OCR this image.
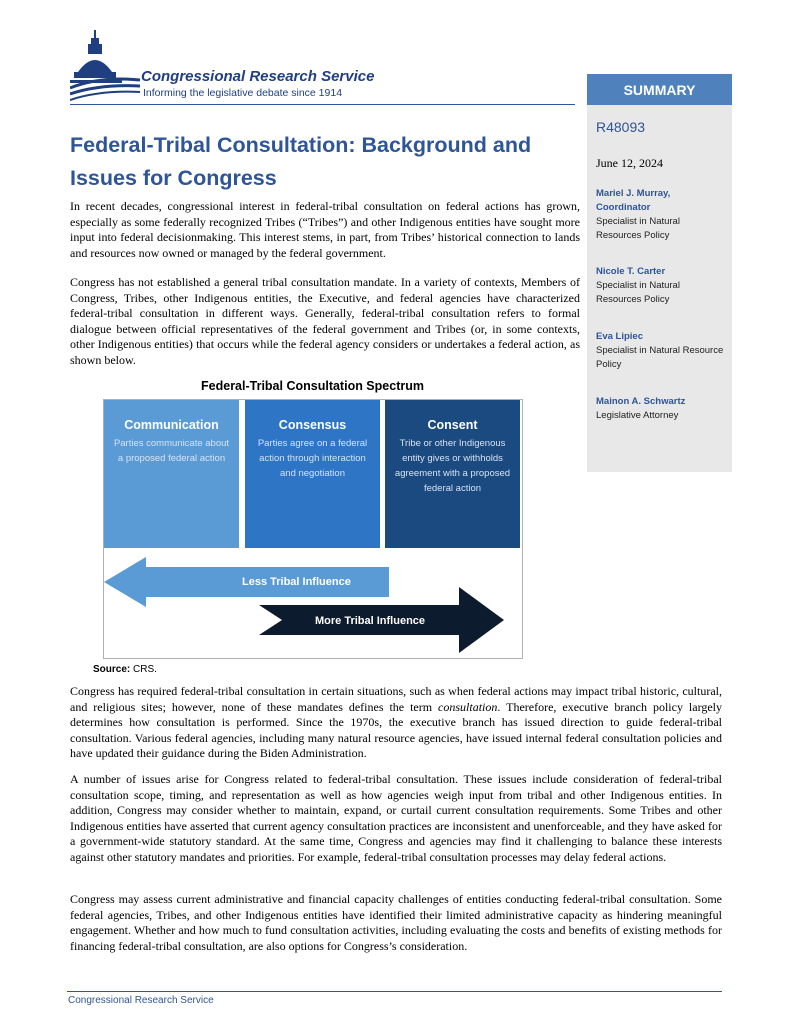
Congressional Research Service
Informing the legislative debate since 1914
Federal-Tribal Consultation: Background and Issues for Congress
In recent decades, congressional interest in federal-tribal consultation on federal actions has grown, especially as some federally recognized Tribes (“Tribes”) and other Indigenous entities have sought more input into federal decisionmaking. This interest stems, in part, from Tribes’ historical connection to lands and resources now owned or managed by the federal government.
Congress has not established a general tribal consultation mandate. In a variety of contexts, Members of Congress, Tribes, other Indigenous entities, the Executive, and federal agencies have characterized federal-tribal consultation in different ways. Generally, federal-tribal consultation refers to formal dialogue between official representatives of the federal government and Tribes (or, in some contexts, other Indigenous entities) that occurs while the federal agency considers or undertakes a federal action, as shown below.
SUMMARY
R48093
June 12, 2024
Mariel J. Murray, Coordinator
Specialist in Natural Resources Policy
Nicole T. Carter
Specialist in Natural Resources Policy
Eva Lipiec
Specialist in Natural Resource Policy
Mainon A. Schwartz
Legislative Attorney
Federal-Tribal Consultation Spectrum
Communication

Parties communicate about a proposed federal action

Consensus

Parties agree on a federal action through interaction and negotiation

Consent

Tribe or other Indigenous entity gives or withholds agreement with a proposed federal action

Less Tribal Influence
More Tribal Influence
Source: CRS.
Congress has required federal-tribal consultation in certain situations, such as when federal actions may impact tribal historic, cultural, and religious sites; however, none of these mandates defines the term consultation. Therefore, executive branch policy largely determines how consultation is performed. Since the 1970s, the executive branch has issued direction to guide federal-tribal consultation. Various federal agencies, including many natural resource agencies, have issued internal federal consultation policies and have updated their guidance during the Biden Administration.
A number of issues arise for Congress related to federal-tribal consultation. These issues include consideration of federal-tribal consultation scope, timing, and representation as well as how agencies weigh input from tribal and other Indigenous entities. In addition, Congress may consider whether to maintain, expand, or curtail current consultation requirements. Some Tribes and other Indigenous entities have asserted that current agency consultation practices are inconsistent and unenforceable, and they have asked for a government-wide statutory standard. At the same time, Congress and agencies may find it challenging to balance these interests against other statutory mandates and priorities. For example, federal-tribal consultation processes may delay federal actions.
Congress may assess current administrative and financial capacity challenges of entities conducting federal-tribal consultation. Some federal agencies, Tribes, and other Indigenous entities have identified their limited administrative capacity as hindering meaningful engagement. Whether and how much to fund consultation activities, including evaluating the costs and benefits of existing methods for financing federal-tribal consultation, are also options for Congress’s consideration.
Congressional Research Service
